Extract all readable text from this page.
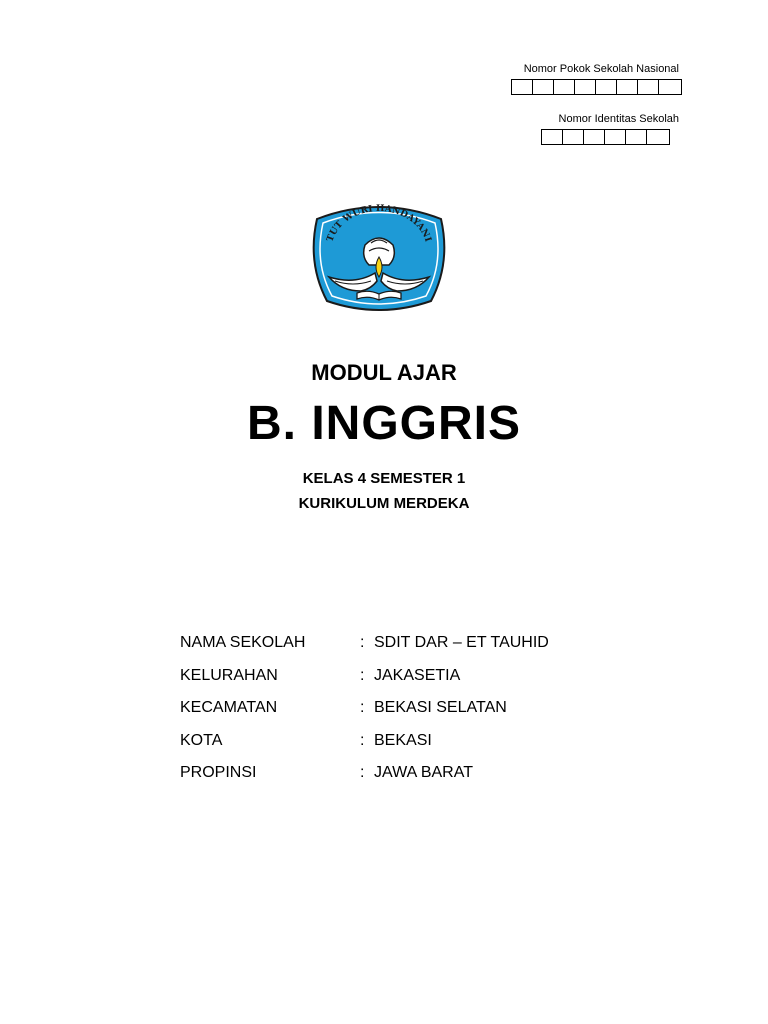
Nomor Pokok Sekolah Nasional
Nomor Identitas Sekolah
TUT WURI HANDAYANI
MODUL AJAR
B. INGGRIS
KELAS 4 SEMESTER 1
KURIKULUM MERDEKA
NAMA SEKOLAH	: SDIT DAR – ET TAUHID
KELURAHAN	: JAKASETIA
KECAMATAN	: BEKASI SELATAN
KOTA	: BEKASI
PROPINSI	: JAWA BARAT
